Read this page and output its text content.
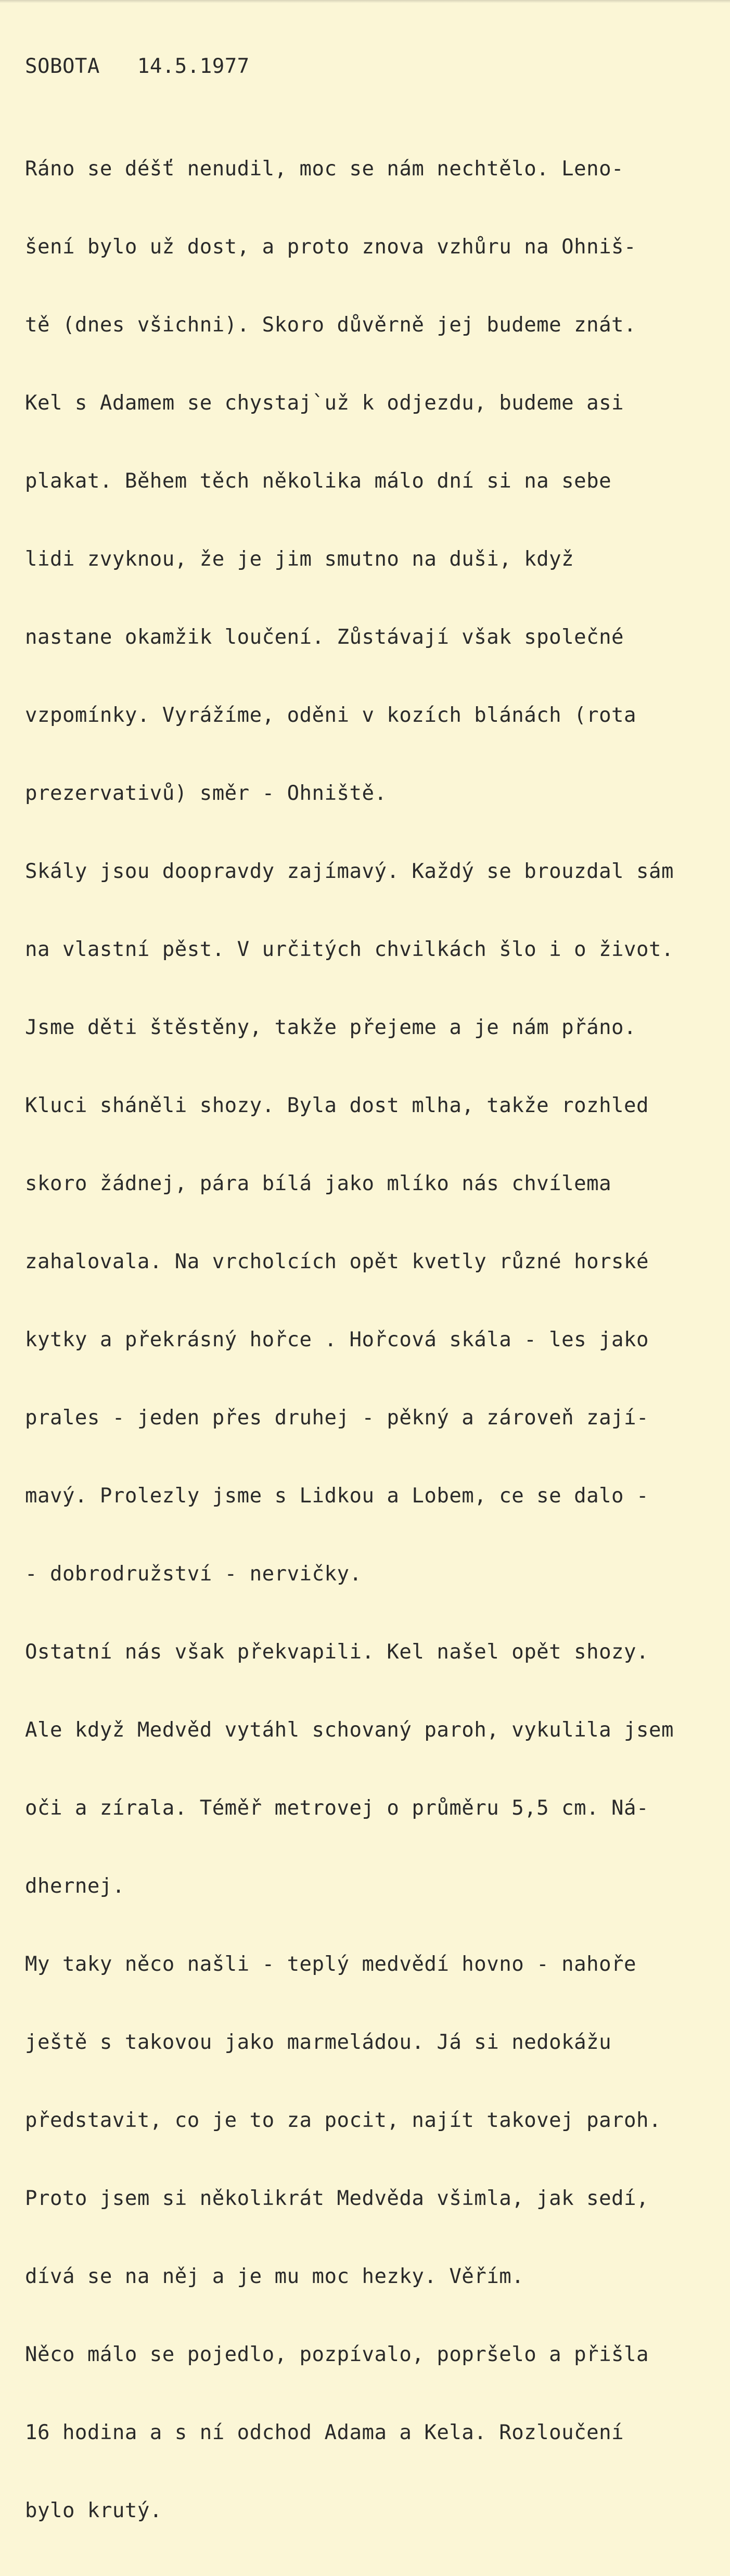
SOBOTA 14.5.1977

Ráno se déšť nenudil, moc se nám nechtělo. Leno-

šení bylo už dost, a proto znova vzhůru na Ohniš-

tě (dnes všichni). Skoro důvěrně jej budeme znát.

Kel s Adamem se chystaj`už k odjezdu, budeme asi

plakat. Během těch několika málo dní si na sebe

lidi zvyknou, že je jim smutno na duši, když

nastane okamžik loučení. Zůstávají však společné

vzpomínky. Vyrážíme, oděni v kozích blánách (rota

prezervativů) směr - Ohniště.

Skály jsou doopravdy zajímavý. Každý se brouzdal sám

na vlastní pěst. V určitých chvilkách šlo i o život.

Jsme děti štěstěny, takže přejeme a je nám přáno.

Kluci sháněli shozy. Byla dost mlha, takže rozhled

skoro žádnej, pára bílá jako mlíko nás chvílema

zahalovala. Na vrcholcích opět kvetly různé horské

kytky a překrásný hořce . Hořcová skála - les jako

prales - jeden přes druhej - pěkný a zároveň zají-

mavý. Prolezly jsme s Lidkou a Lobem, ce se dalo -

- dobrodružství - nervičky.

Ostatní nás však překvapili. Kel našel opět shozy.

Ale když Medvěd vytáhl schovaný paroh, vykulila jsem

oči a zírala. Téměř metrovej o průměru 5,5 cm. Ná-

dhernej.

My taky něco našli - teplý medvědí hovno - nahoře

ještě s takovou jako marmeládou. Já si nedokážu

představit, co je to za pocit, najít takovej paroh.

Proto jsem si několikrát Medvěda všimla, jak sedí,

dívá se na něj a je mu moc hezky. Věřím.

Něco málo se pojedlo, pozpívalo, popršelo a přišla

16 hodina a s ní odchod Adama a Kela. Rozloučení

bylo krutý.
